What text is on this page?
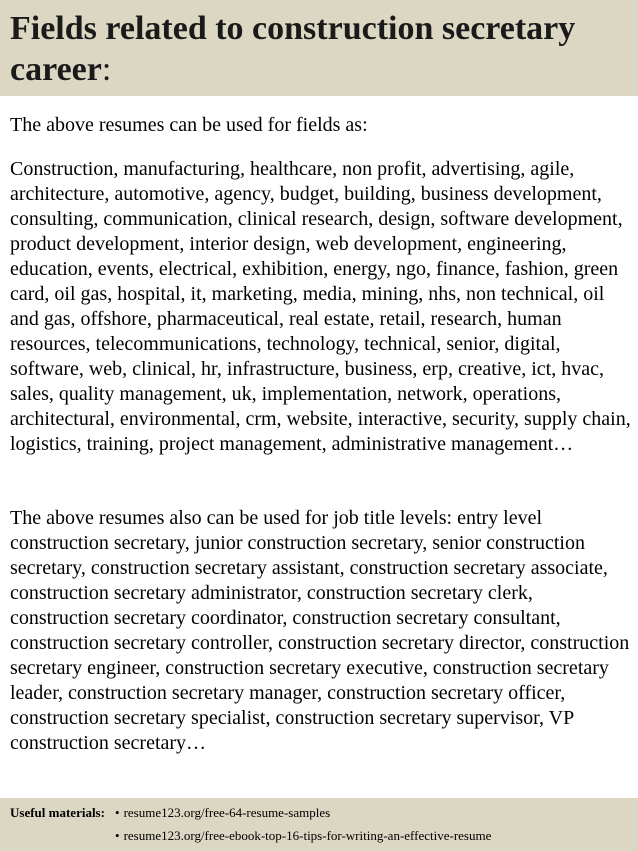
Fields related to construction secretary career:

The above resumes can be used for fields as:

Construction, manufacturing, healthcare, non profit, advertising, agile, architecture, automotive, agency, budget, building, business development, consulting, communication, clinical research, design, software development, product development, interior design, web development, engineering, education, events, electrical, exhibition, energy, ngo, finance, fashion, green card, oil gas, hospital, it, marketing, media, mining, nhs, non technical, oil and gas, offshore, pharmaceutical, real estate, retail, research, human resources, telecommunications, technology, technical, senior, digital, software, web, clinical, hr, infrastructure, business, erp, creative, ict, hvac, sales, quality management, uk, implementation, network, operations, architectural, environmental, crm, website, interactive, security, supply chain, logistics, training, project management, administrative management…

The above resumes also can be used for job title levels: entry level construction secretary, junior construction secretary, senior construction secretary, construction secretary assistant, construction secretary associate, construction secretary administrator, construction secretary clerk, construction secretary coordinator, construction secretary consultant, construction secretary controller, construction secretary director, construction secretary engineer, construction secretary executive, construction secretary leader, construction secretary manager, construction secretary officer, construction secretary specialist, construction secretary supervisor, VP construction secretary…

Useful materials: • resume123.org/free-64-resume-samples
• resume123.org/free-ebook-top-16-tips-for-writing-an-effective-resume
